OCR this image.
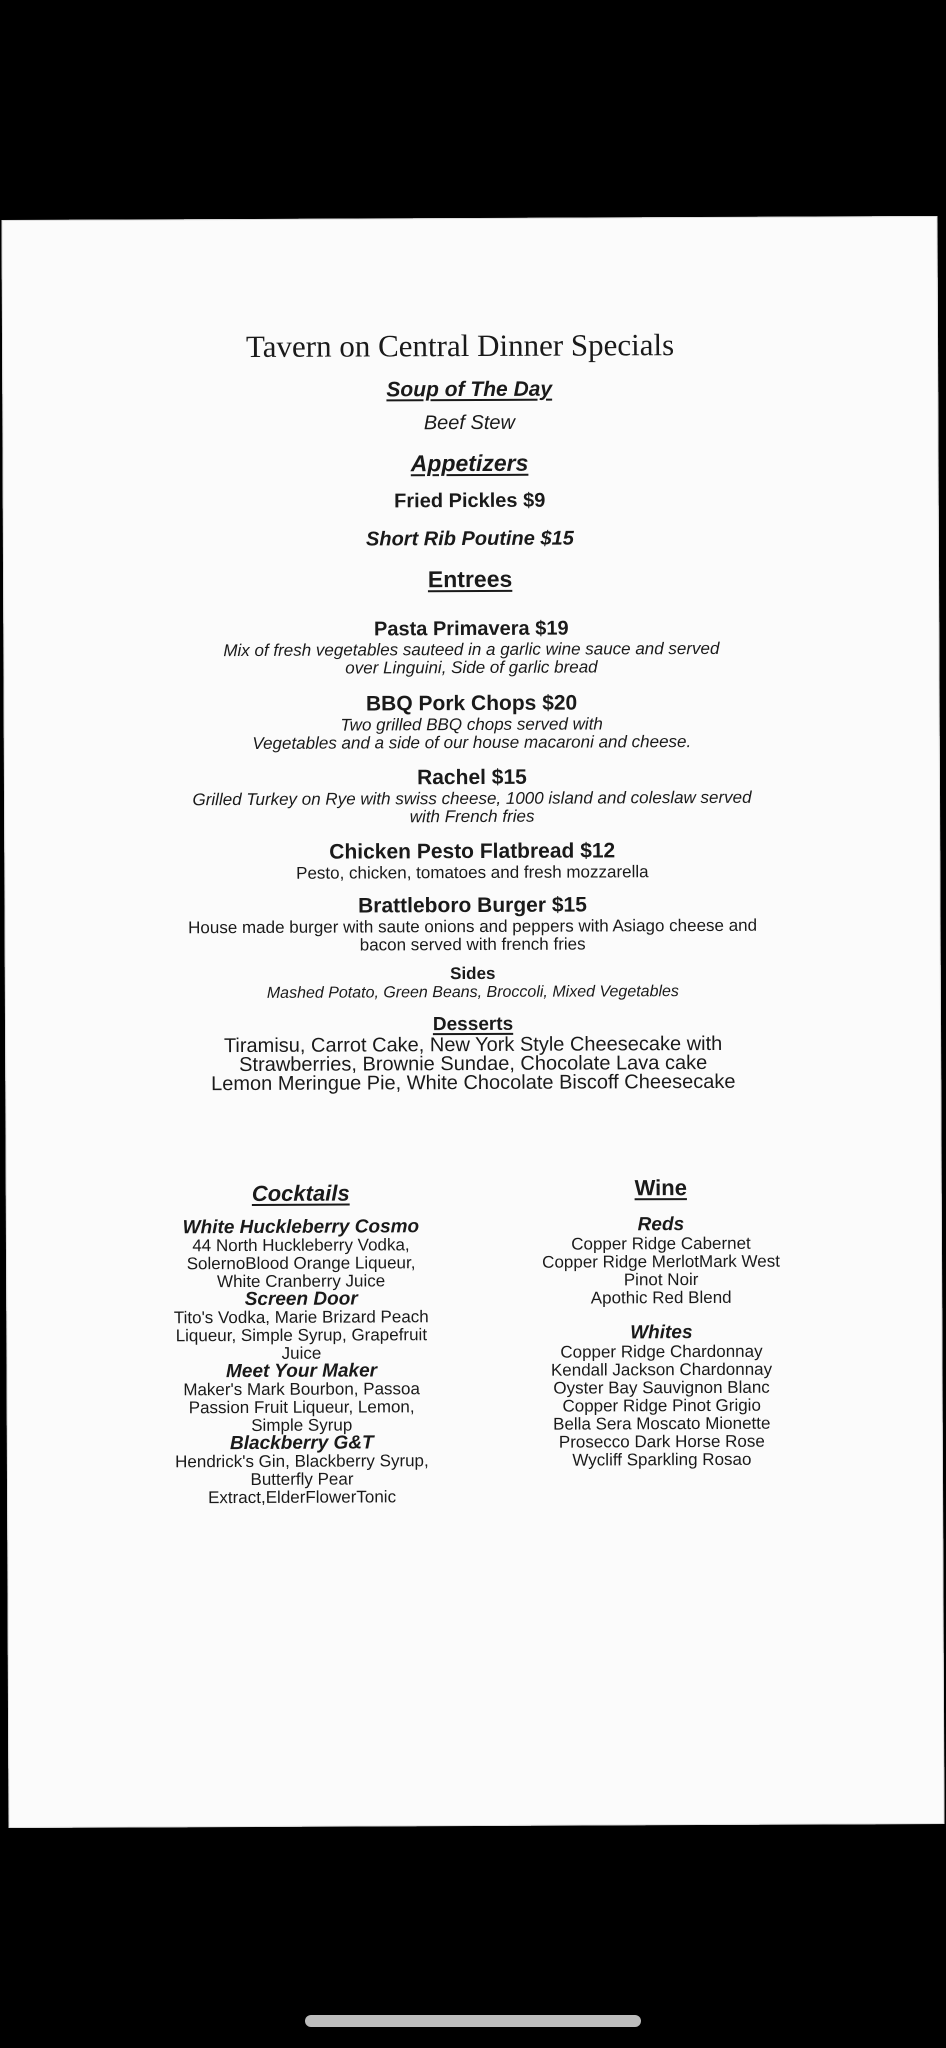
Tavern on Central Dinner Specials
Soup of The Day
Beef Stew
Appetizers
Fried Pickles $9
Short Rib Poutine $15
Entrees
Pasta Primavera $19
Mix of fresh vegetables sauteed in a garlic wine sauce and served
over Linguini, Side of garlic bread
BBQ Pork Chops $20
Two grilled BBQ chops served with
Vegetables and a side of our house macaroni and cheese.
Rachel $15
Grilled Turkey on Rye with swiss cheese, 1000 island and coleslaw served
with French fries
Chicken Pesto Flatbread $12
Pesto, chicken, tomatoes and fresh mozzarella
Brattleboro Burger $15
House made burger with saute onions and peppers with Asiago cheese and
bacon served with french fries
Sides
Mashed Potato, Green Beans, Broccoli, Mixed Vegetables
Desserts
Tiramisu, Carrot Cake, New York Style Cheesecake with
Strawberries, Brownie Sundae, Chocolate Lava cake
Lemon Meringue Pie, White Chocolate Biscoff Cheesecake
Cocktails
White Huckleberry Cosmo
44 North Huckleberry Vodka,
SolernoBlood Orange Liqueur,
White Cranberry Juice
Screen Door
Tito's Vodka, Marie Brizard Peach
Liqueur, Simple Syrup, Grapefruit
Juice
Meet Your Maker
Maker's Mark Bourbon, Passoa
Passion Fruit Liqueur, Lemon,
Simple Syrup
Blackberry G&T
Hendrick's Gin, Blackberry Syrup,
Butterfly Pear
Extract,ElderFlowerTonic
Wine
Reds
Copper Ridge Cabernet
Copper Ridge MerlotMark West
Pinot Noir
Apothic Red Blend
Whites
Copper Ridge Chardonnay
Kendall Jackson Chardonnay
Oyster Bay Sauvignon Blanc
Copper Ridge Pinot Grigio
Bella Sera Moscato Mionette
Prosecco Dark Horse Rose
Wycliff Sparkling Rosao
